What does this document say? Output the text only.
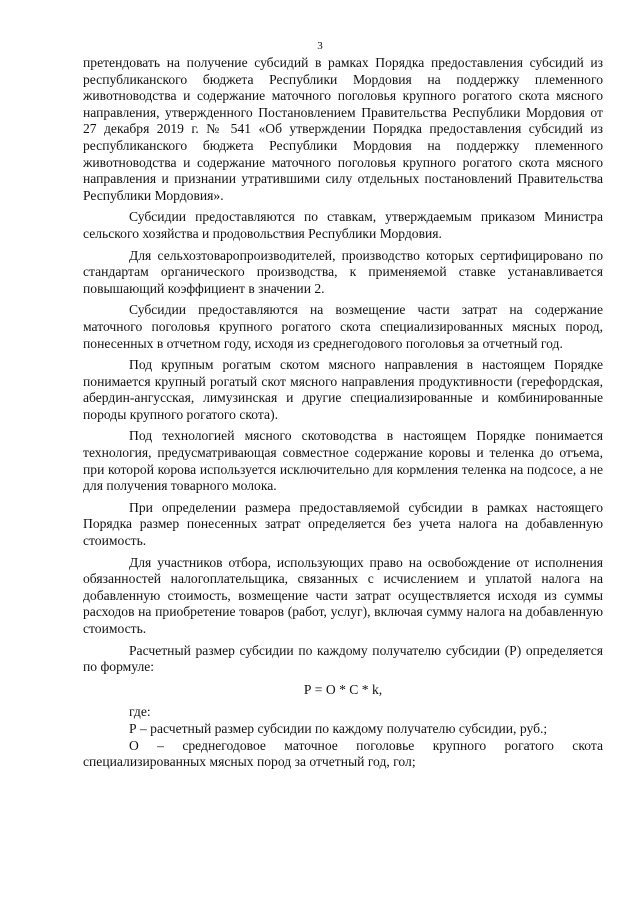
3

претендовать на получение субсидий в рамках Порядка предоставления субсидий из республиканского бюджета Республики Мордовия на поддержку племенного животноводства и содержание маточного поголовья крупного рогатого скота мясного направления, утвержденного Постановлением Правительства Республики Мордовия от 27 декабря 2019 г. № 541 «Об утверждении Порядка предоставления субсидий из республиканского бюджета Республики Мордовия на поддержку племенного животноводства и содержание маточного поголовья крупного рогатого скота мясного направления и признании утратившими силу отдельных постановлений Правительства Республики Мордовия».

Субсидии предоставляются по ставкам, утверждаемым приказом Министра сельского хозяйства и продовольствия Республики Мордовия.

Для сельхозтоваропроизводителей, производство которых сертифицировано по стандартам органического производства, к применяемой ставке устанавливается повышающий коэффициент в значении 2.

Субсидии предоставляются на возмещение части затрат на содержание маточного поголовья крупного рогатого скота специализированных мясных пород, понесенных в отчетном году, исходя из среднегодового поголовья за отчетный год.

Под крупным рогатым скотом мясного направления в настоящем Порядке понимается крупный рогатый скот мясного направления продуктивности (герефордская, абердин-ангусская, лимузинская и другие специализированные и комбинированные породы крупного рогатого скота).

Под технологией мясного скотоводства в настоящем Порядке понимается технология, предусматривающая совместное содержание коровы и теленка до отъема, при которой корова используется исключительно для кормления теленка на подсосе, а не для получения товарного молока.

При определении размера предоставляемой субсидии в рамках настоящего Порядка размер понесенных затрат определяется без учета налога на добавленную стоимость.

Для участников отбора, использующих право на освобождение от исполнения обязанностей налогоплательщика, связанных с исчислением и уплатой налога на добавленную стоимость, возмещение части затрат осуществляется исходя из суммы расходов на приобретение товаров (работ, услуг), включая сумму налога на добавленную стоимость.

Расчетный размер субсидии по каждому получателю субсидии (Р) определяется по формуле:

Р = О * С * k,

где:

Р – расчетный размер субсидии по каждому получателю субсидии, руб.;

О – среднегодовое маточное поголовье крупного рогатого скота специализированных мясных пород за отчетный год, гол;
